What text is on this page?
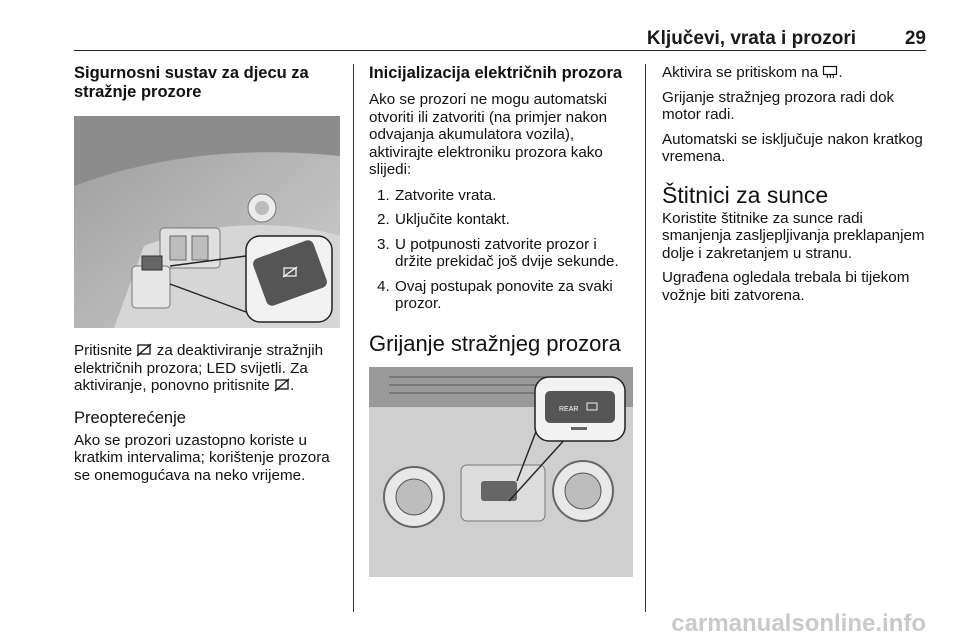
Ključevi, vrata i prozori	29
Sigurnosni sustav za djecu za stražnje prozore

Pritisnite za deaktiviranje stražnjih električnih prozora; LED svijetli. Za aktiviranje, ponovno pritisnite .

Preopterećenje

Ako se prozori uzastopno koriste u kratkim intervalima; korištenje prozora se onemogućava na neko vrijeme.

Inicijalizacija električnih prozora

Ako se prozori ne mogu automatski otvoriti ili zatvoriti (na primjer nakon odvajanja akumulatora vozila), aktivirajte elektroniku prozora kako slijedi:

1. Zatvorite vrata.
2. Uključite kontakt.
3. U potpunosti zatvorite prozor i držite prekidač još dvije sekunde.
4. Ovaj postupak ponovite za svaki prozor.
Grijanje stražnjeg prozora
REAR

Aktivira se pritiskom na .

Grijanje stražnjeg prozora radi dok motor radi.

Automatski se isključuje nakon kratkog vremena.

Štitnici za sunce

Koristite štitnike za sunce radi smanjenja zasljepljivanja preklapanjem dolje i zakretanjem u stranu.

Ugrađena ogledala trebala bi tijekom vožnje biti zatvorena.

carmanualsonline.info
